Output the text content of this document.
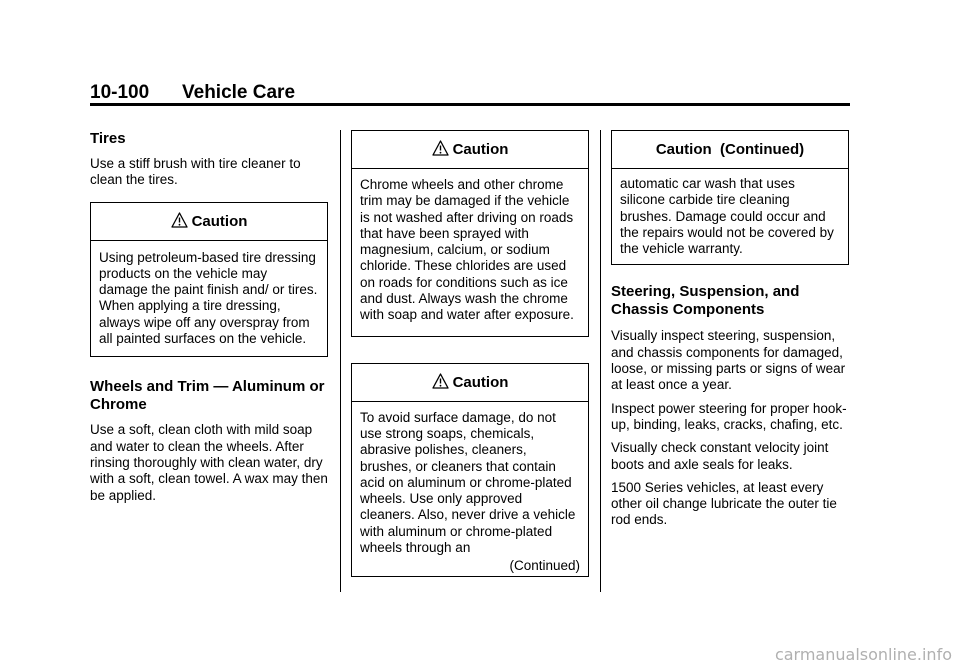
10-100 Vehicle Care
Tires

Use a stiff brush with tire cleaner to clean the tires.

Caution
Using petroleum-based tire dressing products on the vehicle may damage the paint finish and/ or tires. When applying a tire dressing, always wipe off any overspray from all painted surfaces on the vehicle.
Wheels and Trim — Aluminum or Chrome

Use a soft, clean cloth with mild soap and water to clean the wheels. After rinsing thoroughly with clean water, dry with a soft, clean towel. A wax may then be applied.

Caution
Chrome wheels and other chrome trim may be damaged if the vehicle is not washed after driving on roads that have been sprayed with magnesium, calcium, or sodium chloride. These chlorides are used on roads for conditions such as ice and dust. Always wash the chrome with soap and water after exposure.
Caution
To avoid surface damage, do not use strong soaps, chemicals, abrasive polishes, cleaners, brushes, or cleaners that contain acid on aluminum or chrome-plated wheels. Use only approved cleaners. Also, never drive a vehicle with aluminum or chrome-plated wheels through an
(Continued)
Caution  (Continued)
automatic car wash that uses silicone carbide tire cleaning brushes. Damage could occur and the repairs would not be covered by the vehicle warranty.
Steering, Suspension, and Chassis Components

Visually inspect steering, suspension, and chassis components for damaged, loose, or missing parts or signs of wear at least once a year.

Inspect power steering for proper hook-up, binding, leaks, cracks, chafing, etc.

Visually check constant velocity joint boots and axle seals for leaks.

1500 Series vehicles, at least every other oil change lubricate the outer tie rod ends.

carmanualsonline.info
